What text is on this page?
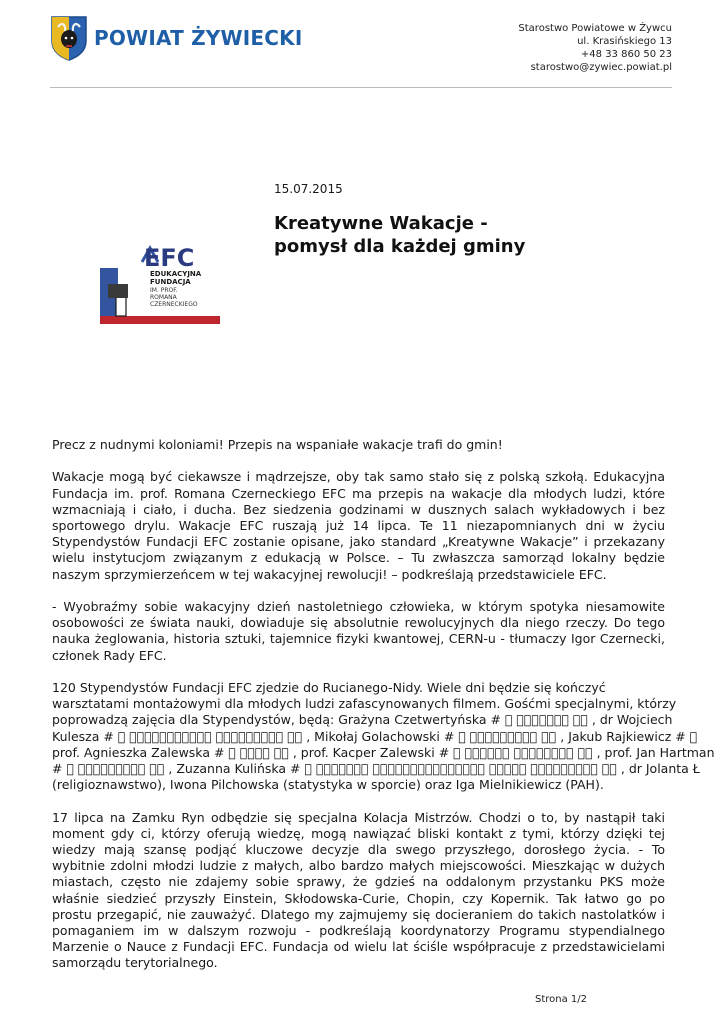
POWIAT ŻYWIECKI	Starostwo Powiatowe w Żywcu
ul. Krasińskiego 13
+48 33 860 50 23
starostwo@zywiec.powiat.pl
15.07.2015
Kreatywne Wakacje -
pomysł dla każdej gminy
EFC
EDUKACYJNA
FUNDACJA
IM. PROF.
ROMANA
CZERNECKIEGO

Precz z nudnymi koloniami! Przepis na wspaniałe wakacje trafi do gmin!

Wakacje mogą być ciekawsze i mądrzejsze, oby tak samo stało się z polską szkołą. Edukacyjna Fundacja im. prof. Romana Czerneckiego EFC ma przepis na wakacje dla młodych ludzi, które wzmacniają i ciało, i ducha. Bez siedzenia godzinami w dusznych salach wykładowych i bez sportowego drylu. Wakacje EFC ruszają już 14 lipca. Te 11 niezapomnianych dni w życiu Stypendystów Fundacji EFC zostanie opisane, jako standard „Kreatywne Wakacje” i przekazany wielu instytucjom związanym z edukacją w Polsce. – Tu zwłaszcza samorząd lokalny będzie naszym sprzymierzeńcem w tej wakacyjnej rewolucji! – podkreślają przedstawiciele EFC.

- Wyobraźmy sobie wakacyjny dzień nastoletniego człowieka, w którym spotyka niesamowite osobowości ze świata nauki, dowiaduje się absolutnie rewolucyjnych dla niego rzeczy. Do tego nauka żeglowania, historia sztuki, tajemnice fizyki kwantowej, CERN-u - tłumaczy Igor Czernecki, członek Rady EFC.

120 Stypendystów Fundacji EFC zjedzie do Rucianego-Nidy. Wiele dni będzie się kończyć
warsztatami montażowymi dla młodych ludzi zafascynowanych filmem. Gośćmi specjalnymi, którzy
poprowadzą zajęcia dla Stypendystów, będą: Grażyna Czetwertyńska # ￿ ￿￿￿￿￿￿￿ ￿￿ , dr Wojciech
Kulesza # ￿ ￿￿￿￿￿￿￿￿￿￿￿ ￿￿￿￿￿￿￿￿￿ ￿￿ , Mikołaj Golachowski # ￿ ￿￿￿￿￿￿￿￿￿ ￿￿ , Jakub Rajkiewicz # ￿
prof. Agnieszka Zalewska # ￿ ￿￿￿￿ ￿￿ , prof. Kacper Zalewski # ￿ ￿￿￿￿￿￿ ￿￿￿￿￿￿￿￿ ￿￿ , prof. Jan Hartman
# ￿ ￿￿￿￿￿￿￿￿￿ ￿￿ , Zuzanna Kulińska # ￿ ￿￿￿￿￿￿￿ ￿￿￿￿￿￿￿￿￿￿￿￿￿￿￿ ￿￿￿￿￿ ￿￿￿￿￿￿￿￿￿ ￿￿ , dr Jolanta Ł
(religioznawstwo), Iwona Pilchowska (statystyka w sporcie) oraz Iga Mielnikiewicz (PAH).

17 lipca na Zamku Ryn odbędzie się specjalna Kolacja Mistrzów. Chodzi o to, by nastąpił taki moment gdy ci, którzy oferują wiedzę, mogą nawiązać bliski kontakt z tymi, którzy dzięki tej wiedzy mają szansę podjąć kluczowe decyzje dla swego przyszłego, dorosłego życia. - To wybitnie zdolni młodzi ludzie z małych, albo bardzo małych miejscowości. Mieszkając w dużych miastach, często nie zdajemy sobie sprawy, że gdzieś na oddalonym przystanku PKS może właśnie siedzieć przyszły Einstein, Skłodowska-Curie, Chopin, czy Kopernik. Tak łatwo go po prostu przegapić, nie zauważyć. Dlatego my zajmujemy się docieraniem do takich nastolatków i pomaganiem im w dalszym rozwoju - podkreślają koordynatorzy Programu stypendialnego Marzenie o Nauce z Fundacji EFC. Fundacja od wielu lat ściśle współpracuje z przedstawicielami samorządu terytorialnego.

Strona 1/2
